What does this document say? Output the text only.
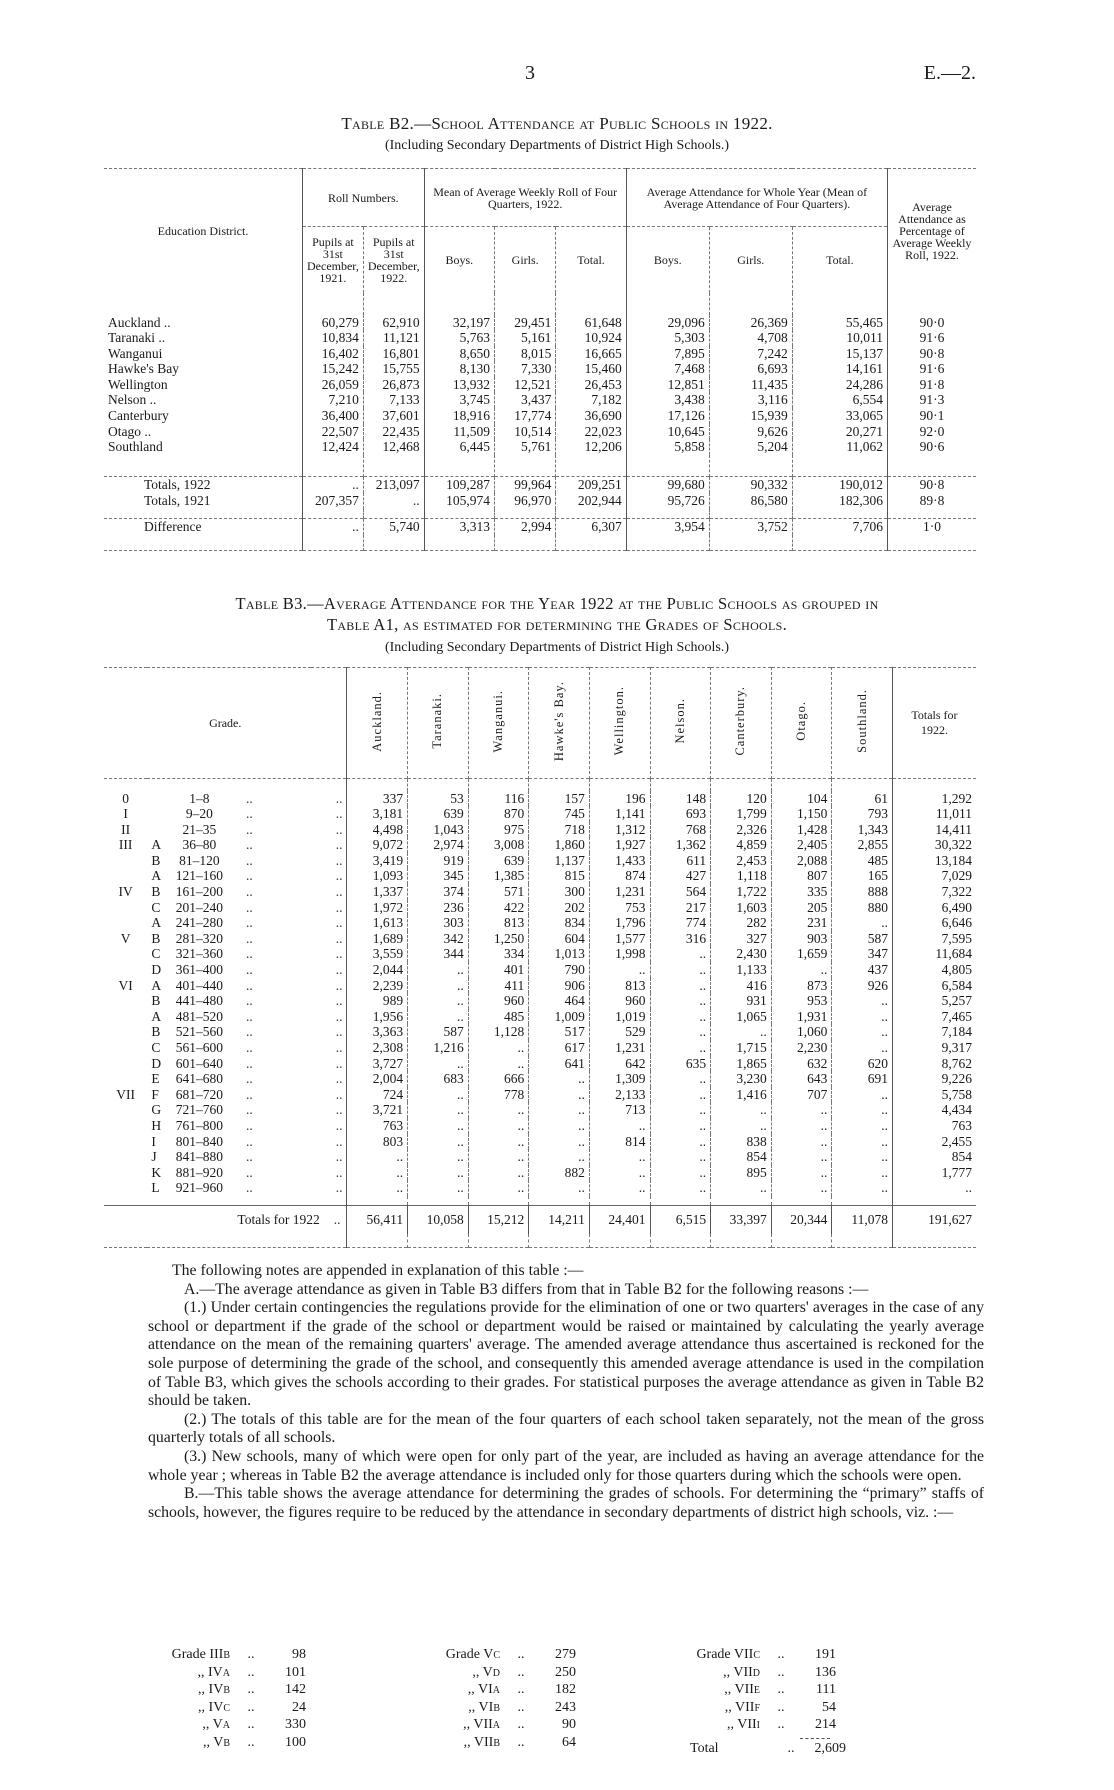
3	E.—2.
Table B2.—School Attendance at Public Schools in 1922.
(Including Secondary Departments of District High Schools.)
Education District.	Roll Numbers.		Mean of Average Weekly Roll of Four Quarters, 1922.			Average Attendance for Whole Year (Mean of Average Attendance of Four Quarters).			Average Attendance as Percentage of Average Weekly Roll, 1922.
	Pupils at 31st December, 1921.	Pupils at 31st December, 1922.	Boys.	Girls.	Total.	Boys.	Girls.	Total.	

Auckland ..	60,279	62,910	32,197	29,451	61,648	29,096	26,369	55,465	90·0
Taranaki ..	10,834	11,121	5,763	5,161	10,924	5,303	4,708	10,011	91·6
Wanganui	16,402	16,801	8,650	8,015	16,665	7,895	7,242	15,137	90·8
Hawke's Bay	15,242	15,755	8,130	7,330	15,460	7,468	6,693	14,161	91·6
Wellington	26,059	26,873	13,932	12,521	26,453	12,851	11,435	24,286	91·8
Nelson ..	7,210	7,133	3,745	3,437	7,182	3,438	3,116	6,554	91·3
Canterbury	36,400	37,601	18,916	17,774	36,690	17,126	15,939	33,065	90·1
Otago ..	22,507	22,435	11,509	10,514	22,023	10,645	9,626	20,271	92·0
Southland	12,424	12,468	6,445	5,761	12,206	5,858	5,204	11,062	90·6

Totals, 1922	..	213,097	109,287	99,964	209,251	99,680	90,332	190,012	90·8
Totals, 1921	207,357	..	105,974	96,970	202,944	95,726	86,580	182,306	89·8

Difference	..	5,740	3,313	2,994	6,307	3,954	3,752	7,706	1·0

Table B3.—Average Attendance for the Year 1922 at the Public Schools as grouped in
Table A1, as estimated for determining the Grades of Schools.
(Including Secondary Departments of District High Schools.)
Grade.			Auckland.	Taranaki.	Wanganui.	Hawke's Bay.	Wellington.	Nelson.	Canterbury.	Otago.	Southland.	Totals for 1922.

0	1–8 ..	..	337	53	116	157	196	148	120	104	61	1,292
I	9–20 ..	..	3,181	639	870	745	1,141	693	1,799	1,150	793	11,011
II	21–35 ..	..	4,498	1,043	975	718	1,312	768	2,326	1,428	1,343	14,411
III	A 36–80 ..	..	9,072	2,974	3,008	1,860	1,927	1,362	4,859	2,405	2,855	30,322
	B 81–120 ..	..	3,419	919	639	1,137	1,433	611	2,453	2,088	485	13,184
	A 121–160 ..	..	1,093	345	1,385	815	874	427	1,118	807	165	7,029
IV	B 161–200 ..	..	1,337	374	571	300	1,231	564	1,722	335	888	7,322
	C 201–240 ..	..	1,972	236	422	202	753	217	1,603	205	880	6,490
	A 241–280 ..	..	1,613	303	813	834	1,796	774	282	231	..	6,646
V	B 281–320 ..	..	1,689	342	1,250	604	1,577	316	327	903	587	7,595
	C 321–360 ..	..	3,559	344	334	1,013	1,998	..	2,430	1,659	347	11,684
	D 361–400 ..	..	2,044	..	401	790	..	..	1,133	..	437	4,805
VI	A 401–440 ..	..	2,239	..	411	906	813	..	416	873	926	6,584
	B 441–480 ..	..	989	..	960	464	960	..	931	953	..	5,257
	A 481–520 ..	..	1,956	..	485	1,009	1,019	..	1,065	1,931	..	7,465
	B 521–560 ..	..	3,363	587	1,128	517	529	..	..	1,060	..	7,184
	C 561–600 ..	..	2,308	1,216	..	617	1,231	..	1,715	2,230	..	9,317
	D 601–640 ..	..	3,727	..	..	641	642	635	1,865	632	620	8,762
	E 641–680 ..	..	2,004	683	666	..	1,309	..	3,230	643	691	9,226
VII	F 681–720 ..	..	724	..	778	..	2,133	..	1,416	707	..	5,758
	G 721–760 ..	..	3,721	..	..	..	713	..	..	..	..	4,434
	H 761–800 ..	..	763	..	..	..	..	..	..	..	..	763
	I 801–840 ..	..	803	..	..	..	814	..	838	..	..	2,455
	J 841–880 ..	..	..	..	..	..	..	..	854	..	..	854
	K 881–920 ..	..	..	..	..	882	..	..	895	..	..	1,777
	L 921–960 ..	..	..	..	..	..	..	..	..	..	..	..

Totals for 1922 ..			56,411	10,058	15,212	14,211	24,401	6,515	33,397	20,344	11,078	191,627

The following notes are appended in explanation of this table :—

A.—The average attendance as given in Table B3 differs from that in Table B2 for the following reasons :—

(1.) Under certain contingencies the regulations provide for the elimination of one or two quarters' averages in the case of any school or department if the grade of the school or department would be raised or maintained by calculating the yearly average attendance on the mean of the remaining quarters' average. The amended average attendance thus ascertained is reckoned for the sole purpose of determining the grade of the school, and consequently this amended average attendance is used in the compilation of Table B3, which gives the schools according to their grades. For statistical purposes the average attendance as given in Table B2 should be taken.

(2.) The totals of this table are for the mean of the four quarters of each school taken separately, not the mean of the gross quarterly totals of all schools.

(3.) New schools, many of which were open for only part of the year, are included as having an average attendance for the whole year ; whereas in Table B2 the average attendance is included only for those quarters during which the schools were open.

B.—This table shows the average attendance for determining the grades of schools. For determining the “primary” staffs of schools, however, the figures require to be reduced by the attendance in secondary departments of district high schools, viz. :—

Grade IIIB	..	98
,, IVA	..	101
,, IVB	..	142
,, IVC	..	24
,, VA	..	330
,, VB	..	100
Grade VC	..	279
,, VD	..	250
,, VIA	..	182
,, VIB	..	243
,, VIIA	..	90
,, VIIB	..	64
Grade VIIC	..	191
,, VIID	..	136
,, VIIE	..	111
,, VIIF	..	54
,, VIII	..	214
Total	..	2,609
